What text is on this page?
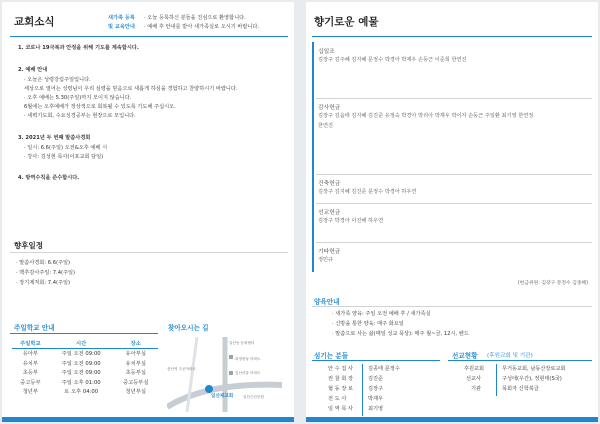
교회소식	새가족 등록
및 교육안내
· 오늘 등록하신 분들을 진심으로 환영합니다.
· 예배 후 안내를 받아 새가족실로 오시기 바랍니다.
1. 코로나 19극복과 안정을 위해 기도를 계속합시다.
2. 예배 안내
· 오늘은 성령강림주일입니다.
세상으로 열어는 성령님이 우리 심령을 믿음으로 새롭게 하심을 경험하고 찬양하시기 바랍니다.
· 오후 예배는 5.30(주일)까지 모이지 않습니다.
6월에는 오후예배가 정상적으로 회복될 수 있도록 기도해 주십시오.
· 새벽기도회, 수요성경공부는 현장으로 모입니다.
3. 2021년 두 번째 말씀사경회
· 일시: 6.6(주일) 오전&오후 예배 시
· 강사: 김성현 목사(이포교회 담임)
4. 방역수칙을 준수합시다.
향후일정
· 말씀사경회: 6.6(주일)
· 맥추감사주일: 7.4(주일)
· 장기제직회: 7.4(주일)
주일학교 안내
주일학교	시간	장소
유아부	주일 오전 09:00	유아부실
유치부	주일 오전 09:00	유치부실
초등부	주일 오전 09:00	초등부실
중고등부	주일 오후 01:00	중고등부실
청년부	토 오후 04:00	청년부실
찾아오시는 길
일산제교회
일산동 문화센터
화정중앙 아파트
일산마을 아파트
풍산역 주공아파트
일산근린공원
향기로운 예물
십일조
김장구 김주혜 김지혜 문정수 박경아 박재우 손동근 이준희 한연진
감사헌금
김장구 김옵태 김지혜 김진준 유정숙 박경아 박리아 박재우 박이자 손동근 주일환 최기영 한연정
한연진
건축헌금
김장구 김지혜 김진준 문정수 박경아 하우연
선교헌금
김장구 박경아 이진해 하우연
기타헌금
정민규
(헌금위원: 김장구 문정수 김종혜)
양육안내
· 새가족 양육: 주일 오전 예배 후 / 새가족실
· 신방을 통한 양육: 매주 화요일
· 말씀으로 사는 삶(매일 성교 묵상): 매주 월~금, 12시, 밴드
섬기는 분들
안 수 집 사	김종태 문정수
권 찰 회 장	김진준
협 동 장 로	김장구
전 도 사	박재우
임 역 목 사	최기영
선교현황 (후원교회 및 기관)
후원교회	무거동교회, 남동산장로교회
선교사	구성태(우간), 정현태(S국)
기관	목회자 신학북클
